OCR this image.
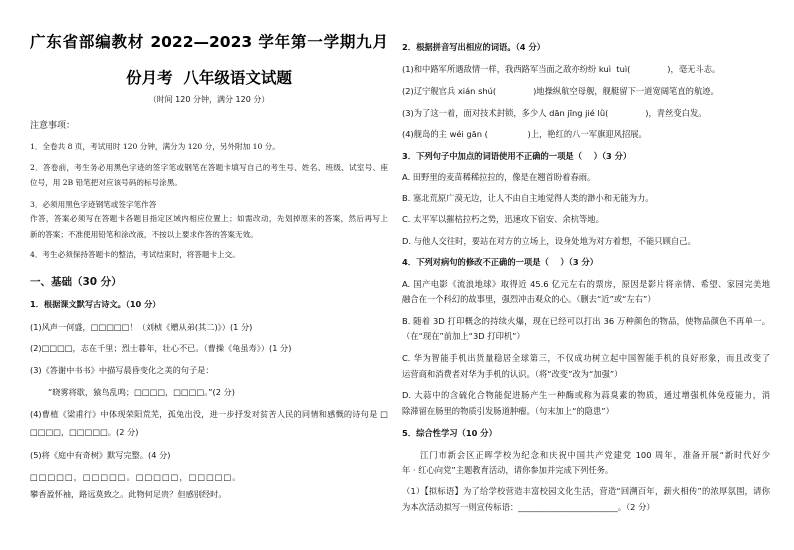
广东省部编教材 2022—2023 学年第一学期九月
份月考  八年级语文试题
（时间 120 分钟，满分 120 分）
注意事项：
1．全卷共 8 页，考试用时 120 分钟，满分为 120 分，另外附加 10 分。
2．答卷前，考生务必用黑色字迹的签字笔或钢笔在答题卡填写自己的考生号、姓名、班级、试室号、座
位号，用 2B 铅笔把对应该号码的标号涂黑。
3．必须用黑色字迹钢笔或签字笔作答
作答，答案必须写在答题卡各题目指定区域内相应位置上；如需改动，先划掉原来的答案，然后再写上
新的答案；不准使用铅笔和涂改液，不按以上要求作答的答案无效。
4．考生必须保持答题卡的整洁，考试结束时，将答题卡上交。
一、基础（30 分）
1．根据课文默写古诗文。（10 分）
(1)风声一何盛，□□□□□！（刘桢《赠从弟(其二)》）(1 分)
(2)□□□□，志在千里；烈士暮年，壮心不已。（曹操《龟虽寿》）(1 分)
(3)《答谢中书书》中描写晨昏变化之美的句子是：
“晓雾将歇，猿鸟乱鸣；□□□□，□□□□。”(2 分)
(4)曹植《梁甫行》中体现荣阳荒芜，孤兔出没，进一步抒发对贫苦人民的同情和感慨的诗句是 □
□□□□，□□□□□。(2 分)
(5)将《庭中有奇树》默写完整。(4 分)
□□□□□，□□□□□。□□□□□，□□□□□。
攀香盈怀袖，路远莫致之。此物何足贵？但感别经时。
2．根据拼音写出相应的词语。（4 分）
(1)和中路军所遇敌情一样，我西路军当面之敌亦纷纷 kuì  tuì(              )，毫无斗志。
(2)辽宁舰官兵 xián shú(              )地操纵航空母舰，舰艇留下一道宽阔笔直的航迹。
(3)为了这一着，面对技术封锁，多少人 dān jīng jié lǜ(              )，青丝变白发。
(4)舰岛的主 wéi gān (               )上，艳红的八一军旗迎风招展。
3．下列句子中加点的词语使用不正确的一项是（    ）（3 分）
A. 田野里的麦苗稀稀拉拉的，像是在翘首盼着春雨。
B. 塞北荒原广漠无边，让人不由自主地觉得人类的渺小和无能为力。
C. 太平军以摧枯拉朽之势，迅速攻下宿安、余杭等地。
D. 与他人交往时，要站在对方的立场上，设身处地为对方着想，不能只顾自己。
4．下列对病句的修改不正确的一项是（    ）（3 分）
A. 国产电影《流浪地球》取得近 45.6 亿元左右的票房，原因是影片将亲情、希望、家园完美地
融合在一个科幻的故事里，强烈冲击观众的心。（删去“近”或“左右”）
B. 随着 3D 打印概念的持续火爆，现在已经可以打出 36 万种颜色的物品，使物品颜色不再单一。
（在“现在”前加上“3D 打印机”）
C. 华为智能手机出货量稳居全球第三，不仅成功树立起中国智能手机的良好形象，而且改变了
运营商和消费者对华为手机的认识。（将“改变”改为“加强”）
D. 大蒜中的含硫化合物能促进肠产生一种酶或称为蒜臭素的物质，通过增强机体免疫能力，消
除滞留在肠里的物质引发肠道肿瘤。（句末加上“的隐患”）
5．综合性学习（10 分）
江门市新会区正晖学校为纪念和庆祝中国共产党建党 100 周年，准备开展“新时代好少
年 · 红心向党”主题教育活动，请你参加并完成下列任务。
（1）【拟标语】为了给学校营造丰富校园文化生活，营造“回溯百年，薪火相传”的浓厚氛围，请你
为本次活动拟写一则宣传标语：________________________。（2 分）
